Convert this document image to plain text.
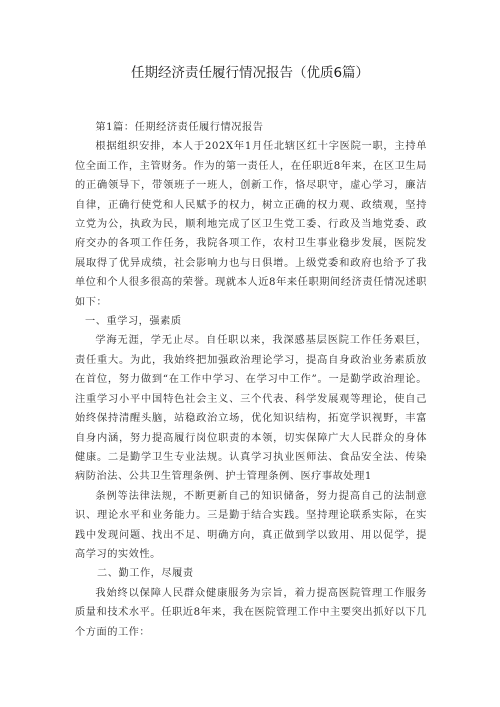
任期经济责任履行情况报告（优质6篇）

第1篇：任期经济责任履行情况报告

根据组织安排，本人于202X年1月任北辖区红十字医院一职，主持单位全面工作，主管财务。作为的第一责任人，在任职近8年来，在区卫生局的正确领导下，带领班子一班人，创新工作，恪尽职守，虚心学习，廉洁自律，正确行使党和人民赋予的权力，树立正确的权力观、政绩观，坚持立党为公，执政为民，顺利地完成了区卫生党工委、行政及当地党委、政府交办的各项工作任务，我院各项工作，农村卫生事业稳步发展，医院发展取得了优异成绩，社会影响力也与日俱增。上级党委和政府也给予了我单位和个人很多很高的荣誉。现就本人近8年来任职期间经济责任情况述职如下：

一、重学习，强素质

学海无涯，学无止尽。自任职以来，我深感基层医院工作任务艰巨，责任重大。为此，我始终把加强政治理论学习，提高自身政治业务素质放在首位，努力做到“在工作中学习、在学习中工作”。一是勤学政治理论。注重学习小平中国特色社会主义、三个代表、科学发展观等理论，使自己始终保持清醒头脑，站稳政治立场，优化知识结构，拓宽学识视野，丰富自身内涵，努力提高履行岗位职责的本领，切实保障广大人民群众的身体健康。二是勤学卫生专业法规。认真学习执业医师法、食品安全法、传染病防治法、公共卫生管理条例、护士管理条例、医疗事故处理1

条例等法律法规，不断更新自己的知识储备，努力提高自己的法制意识、理论水平和业务能力。三是勤于结合实践。坚持理论联系实际，在实践中发现问题、找出不足、明确方向，真正做到学以致用、用以促学，提高学习的实效性。

二、勤工作，尽履责

我始终以保障人民群众健康服务为宗旨，着力提高医院管理工作服务质量和技术水平。任职近8年来，我在医院管理工作中主要突出抓好以下几个方面的工作：
